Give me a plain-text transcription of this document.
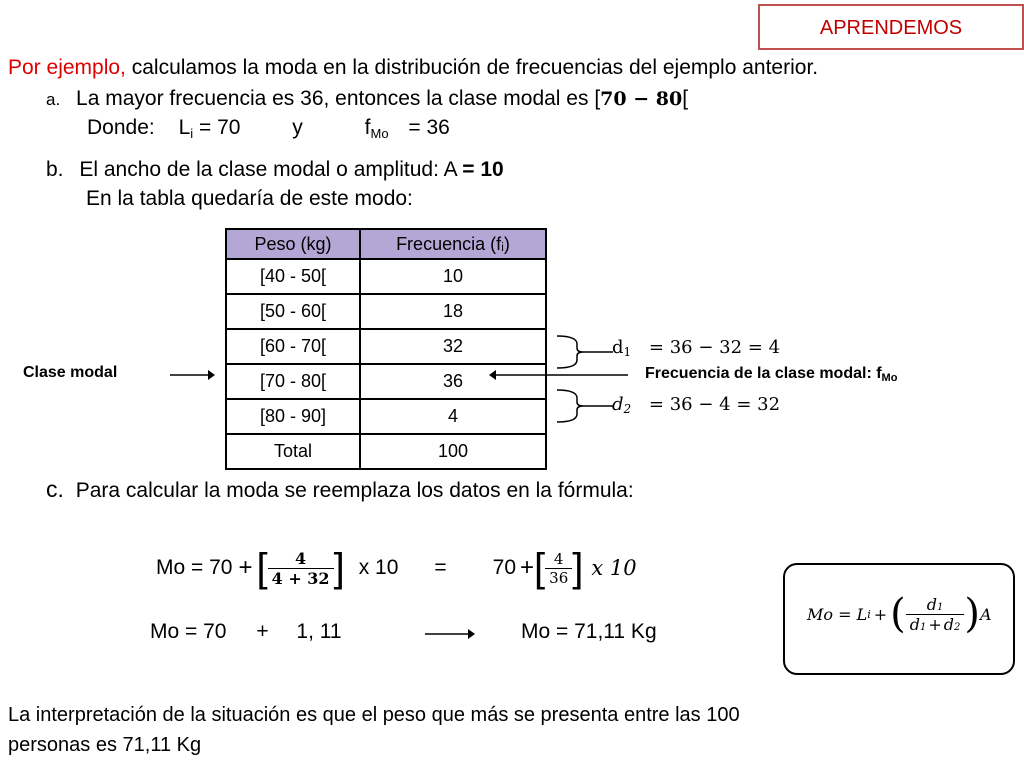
APRENDEMOS
Por ejemplo, calculamos la moda en la distribución de frecuencias del ejemplo anterior.
a. La mayor frecuencia es 36, entonces la clase modal es [70 − 80[
Donde: $L_i = 70$ y	$f_{Mo} = 36$
b. El ancho de la clase modal o amplitud: A = 10
En la tabla quedaría de este modo:
Peso (kg)	Frecuencia (fᵢ)
[40 - 50[	10
[50 - 60[	18
[60 - 70[	32
[70 - 80[	36
[80 - 90]	4
Total	100
Clase modal	Frecuencia de la clase modal: fMo
d1 = 36 − 32 = 4
d2 = 36 − 4 = 32
c. Para calcular la moda se reemplaza los datos en la fórmula:
Mo = 70 + [ $\frac{4}{4 + 32}$ ] x 10 = 70 + [ $\frac{4}{36}$ ] x 10
Mo = 70 + 1, 11	Mo = 71,11 Kg
Mo = L i + ( $\frac{d1}{d1 + d2}$ ) A
La interpretación de la situación es que el peso que más se presenta entre las 100
personas es 71,11 Kg
